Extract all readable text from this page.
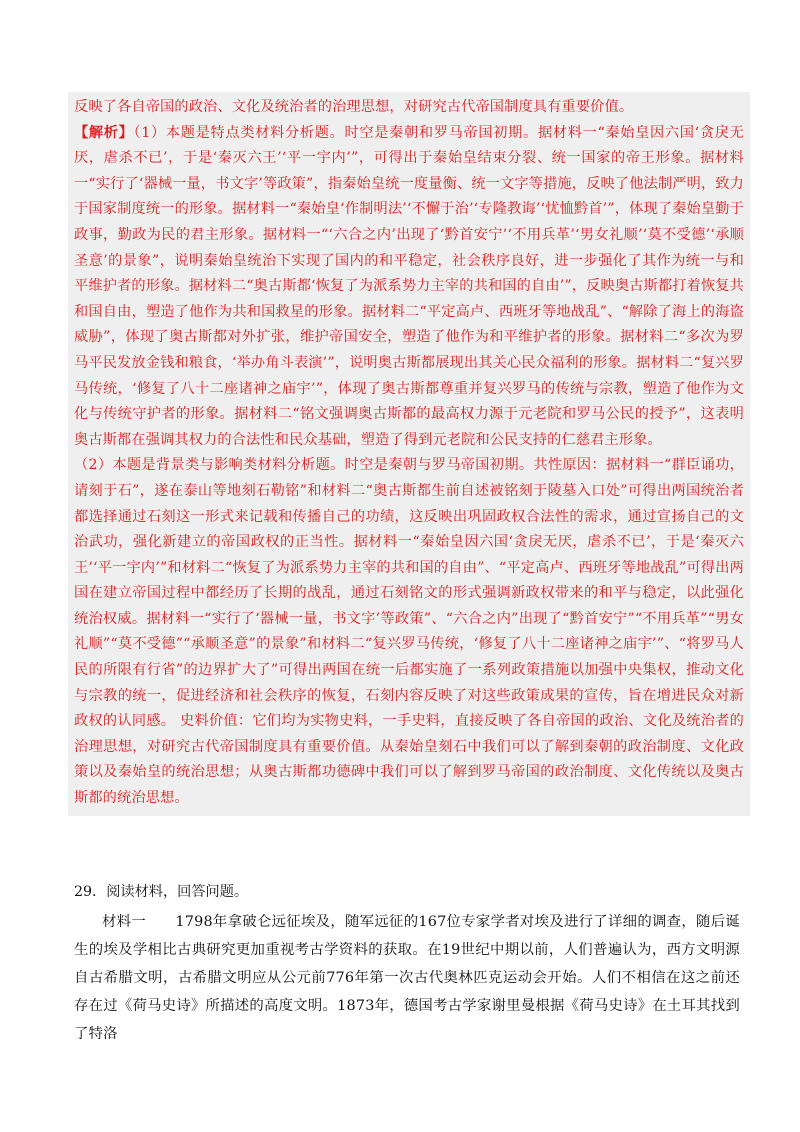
反映了各自帝国的政治、文化及统治者的治理思想，对研究古代帝国制度具有重要价值。

【解析】（1）本题是特点类材料分析题。时空是秦朝和罗马帝国初期。据材料一“秦始皇因六国‘贪戾无厌，虐杀不已’，于是‘秦灭六王’‘平一宇内’”，可得出于秦始皇结束分裂、统一国家的帝王形象。据材料一“实行了‘器械一量，书文字’等政策”，指秦始皇统一度量衡、统一文字等措施，反映了他法制严明，致力于国家制度统一的形象。据材料一“秦始皇‘作制明法’‘不懈于治’‘专隆教诲’‘忧恤黔首’”，体现了秦始皇勤于政事，勤政为民的君主形象。据材料一“‘六合之内’出现了‘黔首安宁’‘不用兵革’‘男女礼顺’‘莫不受德’‘承顺圣意’的景象”，说明秦始皇统治下实现了国内的和平稳定，社会秩序良好，进一步强化了其作为统一与和平维护者的形象。据材料二“奥古斯都‘恢复了为派系势力主宰的共和国的自由’”，反映奥古斯都打着恢复共和国自由，塑造了他作为共和国救星的形象。据材料二“平定高卢、西班牙等地战乱”、“解除了海上的海盗威胁”，体现了奥古斯都对外扩张，维护帝国安全，塑造了他作为和平维护者的形象。据材料二“多次为罗马平民发放金钱和粮食，‘举办角斗表演’”，说明奥古斯都展现出其关心民众福利的形象。据材料二“复兴罗马传统，‘修复了八十二座诸神之庙宇’”，体现了奥古斯都尊重并复兴罗马的传统与宗教，塑造了他作为文化与传统守护者的形象。据材料二“铭文强调奥古斯都的最高权力源于元老院和罗马公民的授予”，这表明奥古斯都在强调其权力的合法性和民众基础，塑造了得到元老院和公民支持的仁慈君主形象。

（2）本题是背景类与影响类材料分析题。时空是秦朝与罗马帝国初期。共性原因：据材料一“群臣诵功，请刻于石”，遂在泰山等地刻石勒铭”和材料二“奥古斯都生前自述被铭刻于陵墓入口处”可得出两国统治者都选择通过石刻这一形式来记载和传播自己的功绩，这反映出巩固政权合法性的需求，通过宣扬自己的文治武功，强化新建立的帝国政权的正当性。据材料一“秦始皇因六国‘贪戾无厌，虐杀不已’，于是‘秦灭六王’‘平一宇内’”和材料二“恢复了为派系势力主宰的共和国的自由”、“平定高卢、西班牙等地战乱”可得出两国在建立帝国过程中都经历了长期的战乱，通过石刻铭文的形式强调新政权带来的和平与稳定，以此强化统治权威。据材料一“实行了‘器械一量，书文字’等政策”、“六合之内”出现了“黔首安宁”“不用兵革”“男女礼顺”“莫不受德”“承顺圣意”的景象”和材料二“复兴罗马传统，‘修复了八十二座诸神之庙宇’”、“将罗马人民的所限有行省”的边界扩大了”可得出两国在统一后都实施了一系列政策措施以加强中央集权，推动文化与宗教的统一，促进经济和社会秩序的恢复，石刻内容反映了对这些政策成果的宣传，旨在增进民众对新政权的认同感。 史料价值：它们均为实物史料，一手史料，直接反映了各自帝国的政治、文化及统治者的治理思想，对研究古代帝国制度具有重要价值。从秦始皇刻石中我们可以了解到秦朝的政治制度、文化政策以及秦始皇的统治思想；从奥古斯都功德碑中我们可以了解到罗马帝国的政治制度、文化传统以及奥古斯都的统治思想。

29．阅读材料，回答问题。

材料一　　1798年拿破仑远征埃及，随军远征的167位专家学者对埃及进行了详细的调查，随后诞生的埃及学相比古典研究更加重视考古学资料的获取。在19世纪中期以前，人们普遍认为，西方文明源自古希腊文明，古希腊文明应从公元前776年第一次古代奥林匹克运动会开始。人们不相信在这之前还存在过《荷马史诗》所描述的高度文明。1873年，德国考古学家谢里曼根据《荷马史诗》在土耳其找到了特洛
